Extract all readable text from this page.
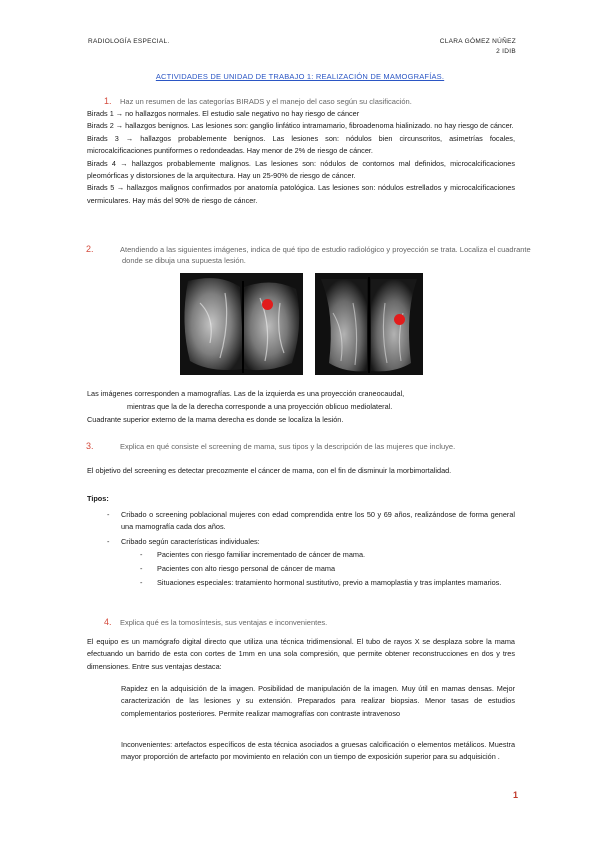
RADIOLOGÍA ESPECIAL.	CLARA GÓMEZ NÚÑEZ
2 IDIB
ACTIVIDADES DE UNIDAD DE TRABAJO 1: REALIZACIÓN DE MAMOGRAFÍAS.
1. Haz un resumen de las categorías BIRADS y el manejo del caso según su clasificación.
Birads 1 → no hallazgos normales. El estudio sale negativo no hay riesgo de cáncer
Birads 2 → hallazgos benignos. Las lesiones son: ganglio linfático intramamario, fibroadenoma hialinizado. no hay riesgo de cáncer.
Birads 3 → hallazgos probablemente benignos. Las lesiones son: nódulos bien circunscritos, asimetrías focales, microcalcificaciones puntiformes o redondeadas. Hay menor de 2% de riesgo de cáncer.
Birads 4 → hallazgos probablemente malignos. Las lesiones son: nódulos de contornos mal definidos, microcalcificaciones pleomórficas y distorsiones de la arquitectura. Hay un 25-90% de riesgo de cáncer.
Birads 5 → hallazgos malignos confirmados por anatomía patológica. Las lesiones son: nódulos estrellados y microcalcificaciones vermiculares. Hay más del 90% de riesgo de cáncer.
2.	Atendiendo a las siguientes imágenes, indica de qué tipo de estudio radiológico y proyección se trata. Localiza el cuadrante donde se dibuja una supuesta lesión.
Las imágenes corresponden a mamografías. Las de la izquierda es una proyección craneocaudal,
mientras que la de la derecha corresponde a una proyección oblicuo mediolateral.
Cuadrante superior externo de la mama derecha es donde se localiza la lesión.
3.	Explica en qué consiste el screening de mama, sus tipos y la descripción de las mujeres que incluye.
El objetivo del screening es detectar precozmente el cáncer de mama, con el fin de disminuir la morbimortalidad.
Tipos:
- Cribado o screening poblacional mujeres con edad comprendida entre los 50 y 69 años, realizándose de forma general una mamografía cada dos años.
- Cribado según características individuales:
- Pacientes con riesgo familiar incrementado de cáncer de mama.
- Pacientes con alto riesgo personal de cáncer de mama
- Situaciones especiales: tratamiento hormonal sustitutivo, previo a mamoplastia y tras implantes mamarios.
4. Explica qué es la tomosíntesis, sus ventajas e inconvenientes.
El equipo es un mamógrafo digital directo que utiliza una técnica tridimensional. El tubo de rayos X se desplaza sobre la mama efectuando un barrido de esta con cortes de 1mm en una sola compresión, que permite obtener reconstrucciones en dos y tres dimensiones. Entre sus ventajas destaca:
Rapidez en la adquisición de la imagen. Posibilidad de manipulación de la imagen. Muy útil en mamas densas. Mejor caracterización de las lesiones y su extensión. Preparados para realizar biopsias. Menor tasas de estudios complementarios posteriores. Permite realizar mamografías con contraste intravenoso
Inconvenientes: artefactos específicos de esta técnica asociados a gruesas calcificación o elementos metálicos. Muestra mayor proporción de artefacto por movimiento en relación con un tiempo de exposición superior para su adquisición .
1
